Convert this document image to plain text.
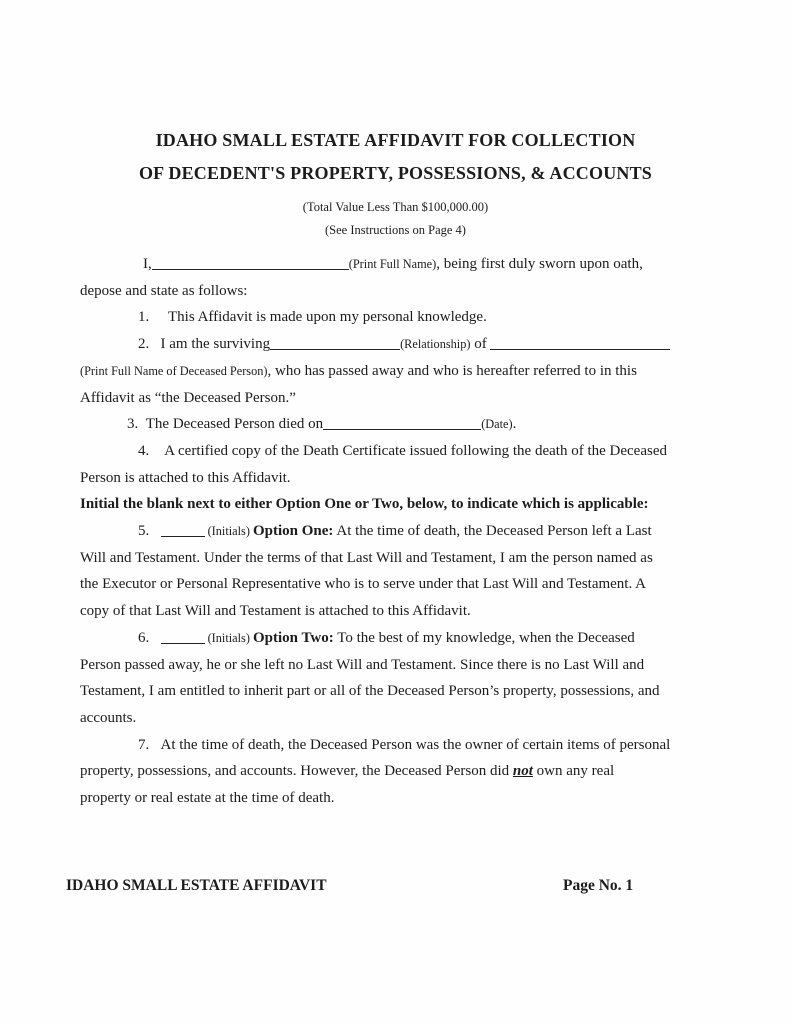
IDAHO SMALL ESTATE AFFIDAVIT FOR COLLECTION
OF DECEDENT'S PROPERTY, POSSESSIONS, & ACCOUNTS
(Total Value Less Than $100,000.00)
(See Instructions on Page 4)

I,	(Print Full Name), being first duly sworn upon oath,
depose and state as follows:

1.     This Affidavit is made upon my personal knowledge.

2.   I am the surviving	(Relationship) of
(Print Full Name of Deceased Person), who has passed away and who is hereafter referred to in this
Affidavit as “the Deceased Person.”

3.  The Deceased Person died on	(Date).

4.    A certified copy of the Death Certificate issued following the death of the Deceased
Person is attached to this Affidavit.

Initial the blank next to either Option One or Two, below, to indicate which is applicable:

5.	(Initials) Option One: At the time of death, the Deceased Person left a Last
Will and Testament. Under the terms of that Last Will and Testament, I am the person named as
the Executor or Personal Representative who is to serve under that Last Will and Testament. A
copy of that Last Will and Testament is attached to this Affidavit.

6.	(Initials) Option Two: To the best of my knowledge, when the Deceased
Person passed away, he or she left no Last Will and Testament. Since there is no Last Will and
Testament, I am entitled to inherit part or all of the Deceased Person’s property, possessions, and
accounts.

7.   At the time of death, the Deceased Person was the owner of certain items of personal
property, possessions, and accounts. However, the Deceased Person did not own any real
property or real estate at the time of death.

IDAHO SMALL ESTATE AFFIDAVIT	Page No. 1
